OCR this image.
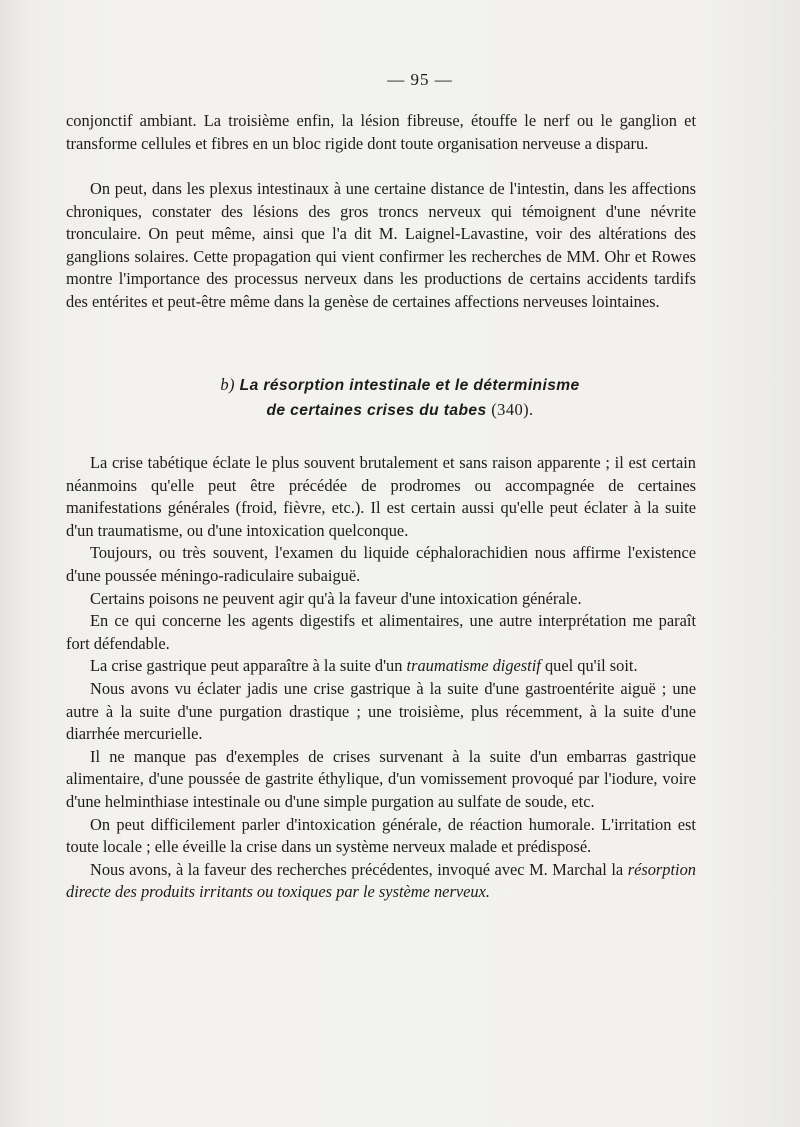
— 95 —

conjonctif ambiant. La troisième enfin, la lésion fibreuse, étouffe le nerf ou le ganglion et transforme cellules et fibres en un bloc rigide dont toute organisation nerveuse a disparu.

On peut, dans les plexus intestinaux à une certaine distance de l'intestin, dans les affections chroniques, constater des lésions des gros troncs nerveux qui témoignent d'une névrite tronculaire. On peut même, ainsi que l'a dit M. Laignel-Lavastine, voir des altérations des ganglions solaires. Cette propagation qui vient confirmer les recherches de MM. Ohr et Rowes montre l'importance des processus nerveux dans les productions de certains accidents tardifs des entérites et peut-être même dans la genèse de certaines affections nerveuses lointaines.

b) La résorption intestinale et le déterminisme
de certaines crises du tabes (340).

La crise tabétique éclate le plus souvent brutalement et sans raison apparente ; il est certain néanmoins qu'elle peut être précédée de prodromes ou accompagnée de certaines manifestations générales (froid, fièvre, etc.). Il est certain aussi qu'elle peut éclater à la suite d'un traumatisme, ou d'une intoxication quelconque.

Toujours, ou très souvent, l'examen du liquide céphalorachidien nous affirme l'existence d'une poussée méningo-radiculaire subaiguë.

Certains poisons ne peuvent agir qu'à la faveur d'une intoxication générale.

En ce qui concerne les agents digestifs et alimentaires, une autre interprétation me paraît fort défendable.

La crise gastrique peut apparaître à la suite d'un traumatisme digestif quel qu'il soit.

Nous avons vu éclater jadis une crise gastrique à la suite d'une gastroentérite aiguë ; une autre à la suite d'une purgation drastique ; une troisième, plus récemment, à la suite d'une diarrhée mercurielle.

Il ne manque pas d'exemples de crises survenant à la suite d'un embarras gastrique alimentaire, d'une poussée de gastrite éthylique, d'un vomissement provoqué par l'iodure, voire d'une helminthiase intestinale ou d'une simple purgation au sulfate de soude, etc.

On peut difficilement parler d'intoxication générale, de réaction humorale. L'irritation est toute locale ; elle éveille la crise dans un système nerveux malade et prédisposé.

Nous avons, à la faveur des recherches précédentes, invoqué avec M. Marchal la résorption directe des produits irritants ou toxiques par le système nerveux.
